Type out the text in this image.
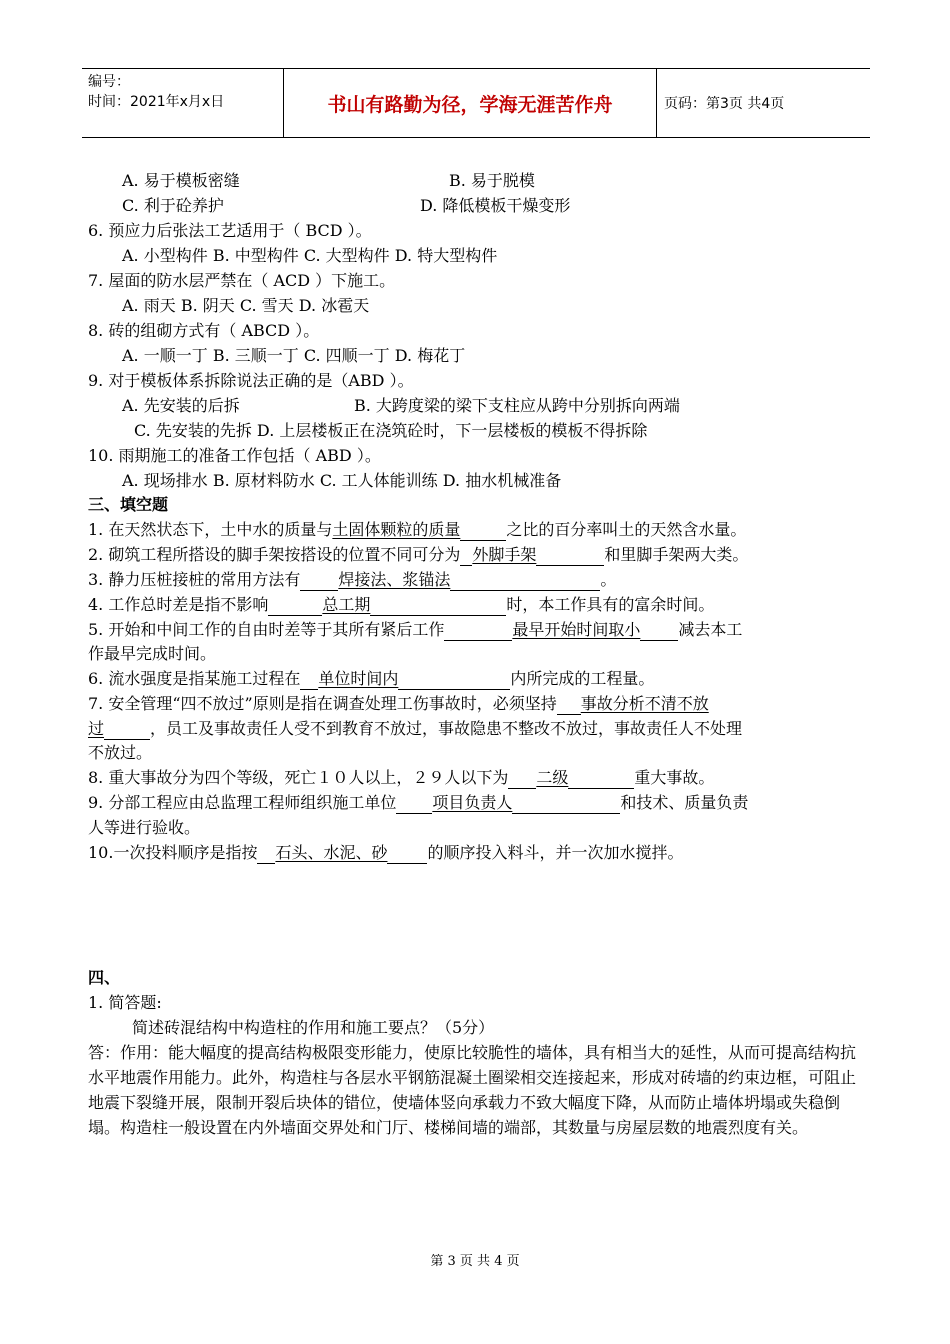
编号：
时间：2021年x月x日	书山有路勤为径，学海无涯苦作舟	页码：第3页 共4页
A. 易于模板密缝	B. 易于脱模
C. 利于砼养护	D. 降低模板干燥变形
6. 预应力后张法工艺适用于（ BCD ）。
A. 小型构件 B. 中型构件 C. 大型构件 D. 特大型构件
7. 屋面的防水层严禁在（ ACD ）下施工。
A. 雨天 B. 阴天 C. 雪天 D. 冰雹天
8. 砖的组砌方式有（ ABCD ）。
A. 一顺一丁 B. 三顺一丁 C. 四顺一丁 D. 梅花丁
9. 对于模板体系拆除说法正确的是（ABD ）。
A. 先安装的后拆	B. 大跨度梁的梁下支柱应从跨中分别拆向两端
C. 先安装的先拆 D. 上层楼板正在浇筑砼时，下一层楼板的模板不得拆除
10. 雨期施工的准备工作包括（ ABD ）。
A. 现场排水 B. 原材料防水 C. 工人体能训练 D. 抽水机械准备
三、填空题
1. 在天然状态下，土中水的质量与土固体颗粒的质量	之比的百分率叫土的天然含水量。
2. 砌筑工程所搭设的脚手架按搭设的位置不同可分为 外脚手架	和里脚手架两大类。
3. 静力压桩接桩的常用方法有 焊接法、浆锚法	。
4. 工作总时差是指不影响	总工期	时，本工作具有的富余时间。
5. 开始和中间工作的自由时差等于其所有紧后工作	最早开始时间取小 减去本工
作最早完成时间。
6. 流水强度是指某施工过程在 单位时间内	内所完成的工程量。
7. 安全管理“四不放过”原则是指在调查处理工伤事故时，必须坚持 事故分析不清不放
过	，员工及事故责任人受不到教育不放过，事故隐患不整改不放过，事故责任人不处理
不放过。
8. 重大事故分为四个等级，死亡１０人以上，２９人以下为 二级	重大事故。
9. 分部工程应由总监理工程师组织施工单位 项目负责人	和技术、质量负责
人等进行验收。
10.一次投料顺序是指按 石头、水泥、砂	的顺序投入料斗，并一次加水搅拌。
四、
1. 简答题:
简述砖混结构中构造柱的作用和施工要点？（5分）
答：作用：能大幅度的提高结构极限变形能力，使原比较脆性的墙体，具有相当大的延性，从而可提高结构抗水平地震作用能力。此外，构造柱与各层水平钢筋混凝土圈梁相交连接起来，形成对砖墙的约束边框，可阻止地震下裂缝开展，限制开裂后块体的错位，使墙体竖向承载力不致大幅度下降，从而防止墙体坍塌或失稳倒塌。构造柱一般设置在内外墙面交界处和门厅、楼梯间墙的端部，其数量与房屋层数的地震烈度有关。
第 3 页 共 4 页
